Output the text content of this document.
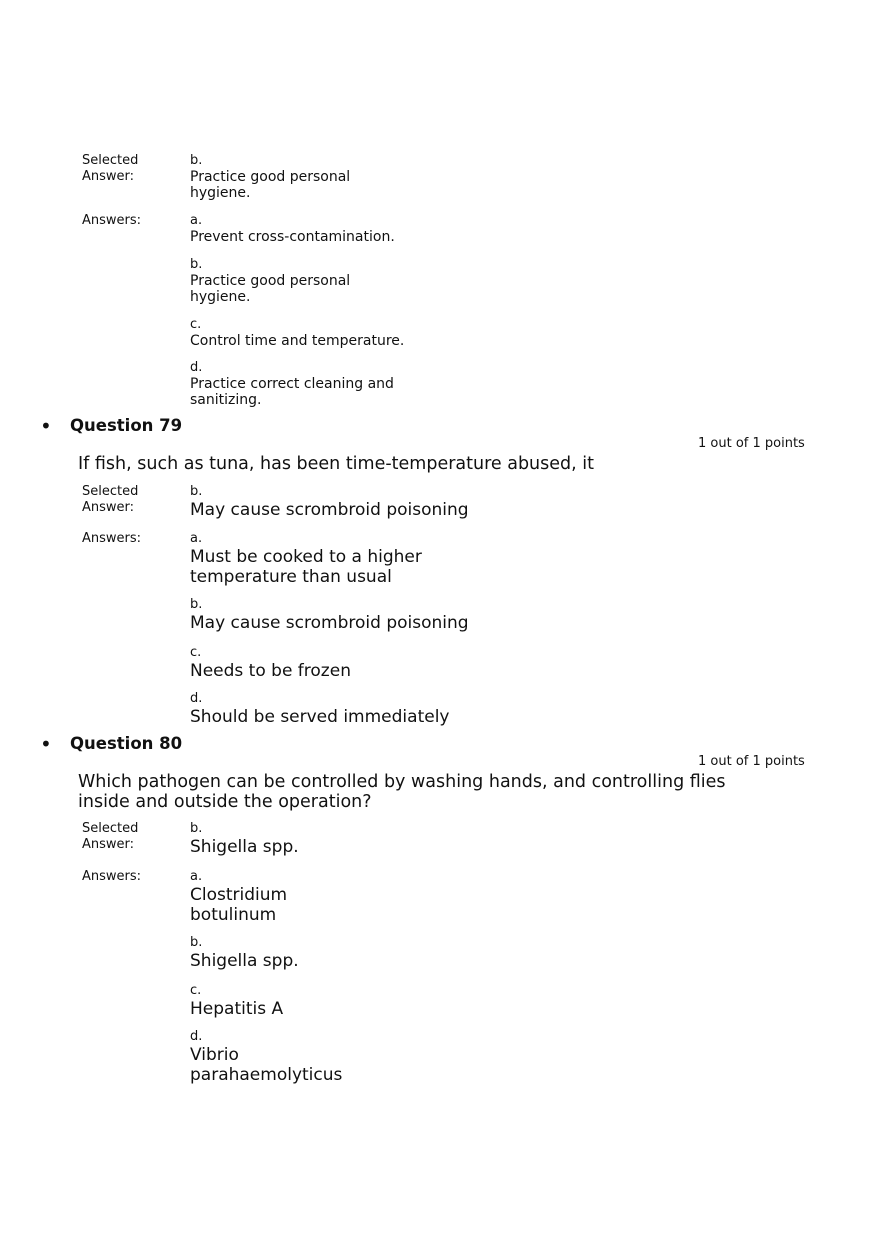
Selected
Answer:
b.
Practice good personal
hygiene.
Answers:	a.
Prevent cross-contamination.
b.
Practice good personal
hygiene.
c.
Control time and temperature.
d.
Practice correct cleaning and
sanitizing.
• Question 79
1 out of 1 points
If fish, such as tuna, has been time-temperature abused, it
Selected
Answer:
b.
May cause scrombroid poisoning
Answers:	a.
Must be cooked to a higher
temperature than usual
b.
May cause scrombroid poisoning
c.
Needs to be frozen
d.
Should be served immediately
• Question 80
1 out of 1 points
Which pathogen can be controlled by washing hands, and controlling flies
inside and outside the operation?
Selected
Answer:
b.
Shigella spp.
Answers:	a.
Clostridium
botulinum
b.
Shigella spp.
c.
Hepatitis A
d.
Vibrio
parahaemolyticus
